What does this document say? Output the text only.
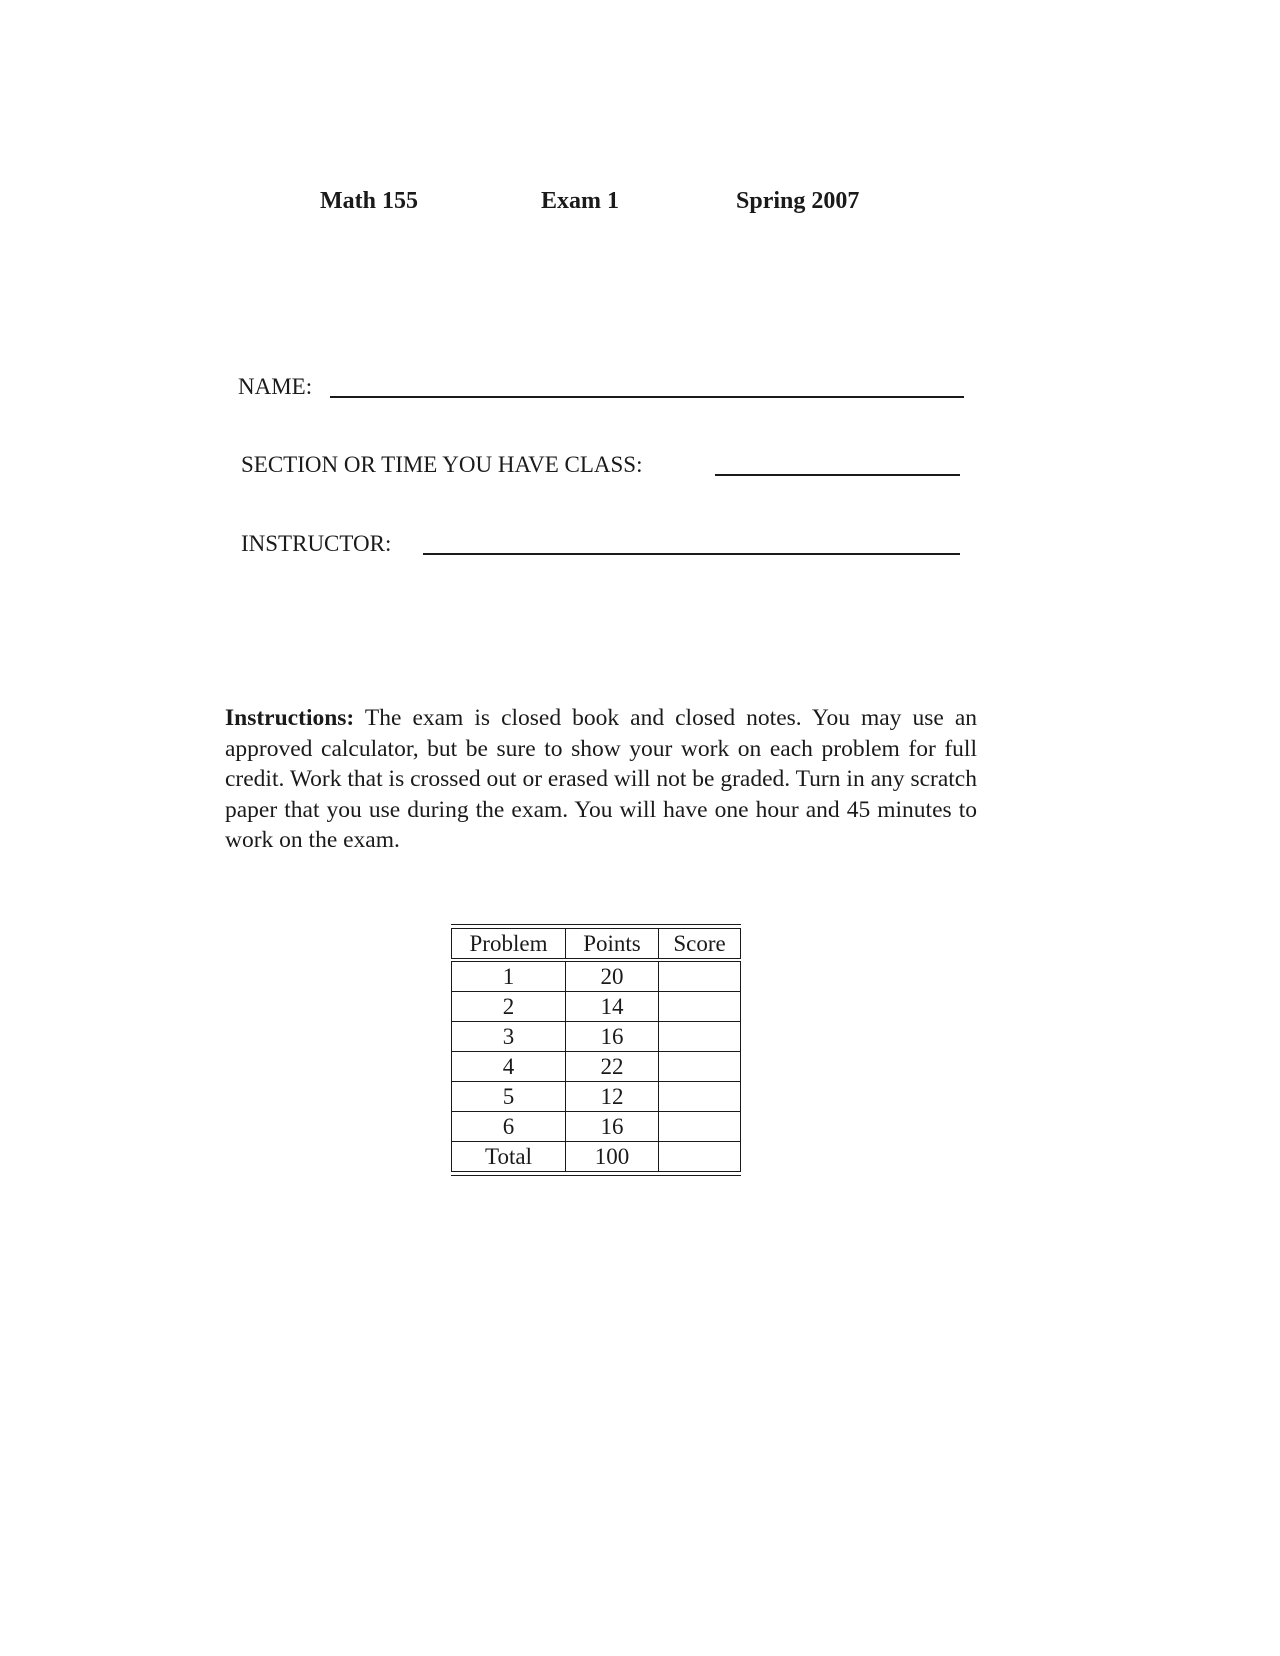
Math 155	Exam 1	Spring 2007
NAME:
SECTION OR TIME YOU HAVE CLASS:
INSTRUCTOR:
Instructions: The exam is closed book and closed notes. You may use an approved calculator, but be sure to show your work on each problem for full credit. Work that is crossed out or erased will not be graded. Turn in any scratch paper that you use during the exam. You will have one hour and 45 minutes to work on the exam.
Problem	Points	Score
1	20	
2	14	
3	16	
4	22	
5	12	
6	16	
Total	100	
